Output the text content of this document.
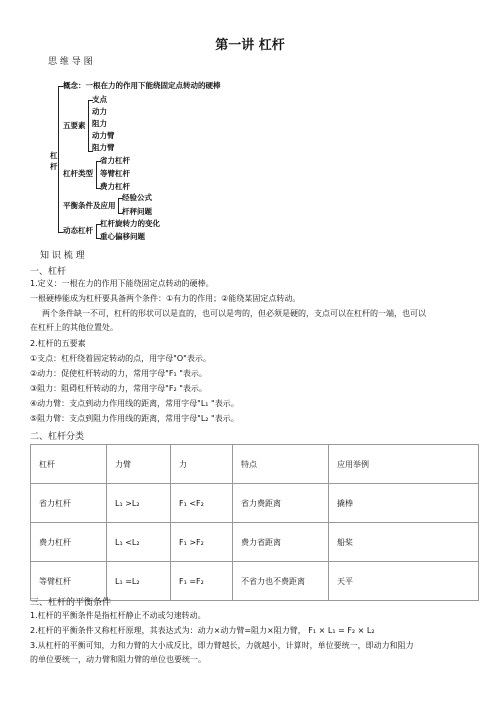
第一讲 杠杆
思 维 导 图
杠杆
概念：一根在力的作用下能绕固定点转动的硬棒
五要素
支点
动力
阻力
动力臂
阻力臂
杠杆类型
省力杠杆
等臂杠杆
费力杠杆
平衡条件及应用
经验公式
杆秤问题
动态杠杆
杠杆旋转力的变化
重心偏移问题
知 识 梳 理
一、杠杆
1.定义：一根在力的作用下能绕固定点转动的硬棒。
一根硬棒能成为杠杆要具备两个条件：①有力的作用；②能绕某固定点转动。
两个条件缺一不可，杠杆的形状可以是直的，也可以是弯的，但必须是硬的，支点可以在杠杆的一端，也可以
在杠杆上的其他位置处。
2.杠杆的五要素
①支点：杠杆绕着固定转动的点，用字母"O"表示。
②动力：促使杠杆转动的力，常用字母"F₁ "表示。
③阻力：阻碍杠杆转动的力，常用字母"F₂ "表示。
④动力臂：支点到动力作用线的距离，常用字母"L₁ "表示。
⑤阻力臂：支点到阻力作用线的距离，常用字母"L₂ "表示。
二、杠杆分类
杠杆	力臂	力	特点	应用举例
省力杠杆	L₁ >L₂	F₁ <F₂	省力费距离	撬棒
费力杠杆	L₁ <L₂	F₁ >F₂	费力省距离	船桨
等臂杠杆	L₁ =L₂	F₁ =F₂	不省力也不费距离	天平
三、杠杆的平衡条件
1.杠杆的平衡条件是指杠杆静止不动或匀速转动。
2.杠杆的平衡条件又称杠杆原理，其表达式为：动力×动力臂=阻力×阻力臂， F₁ × L₁ = F₂ × L₂
3.从杠杆的平衡可知，力和力臂的大小成反比，即力臂越长，力就越小，计算时，单位要统一，即动力和阻力
的单位要统一，动力臂和阻力臂的单位也要统一。
